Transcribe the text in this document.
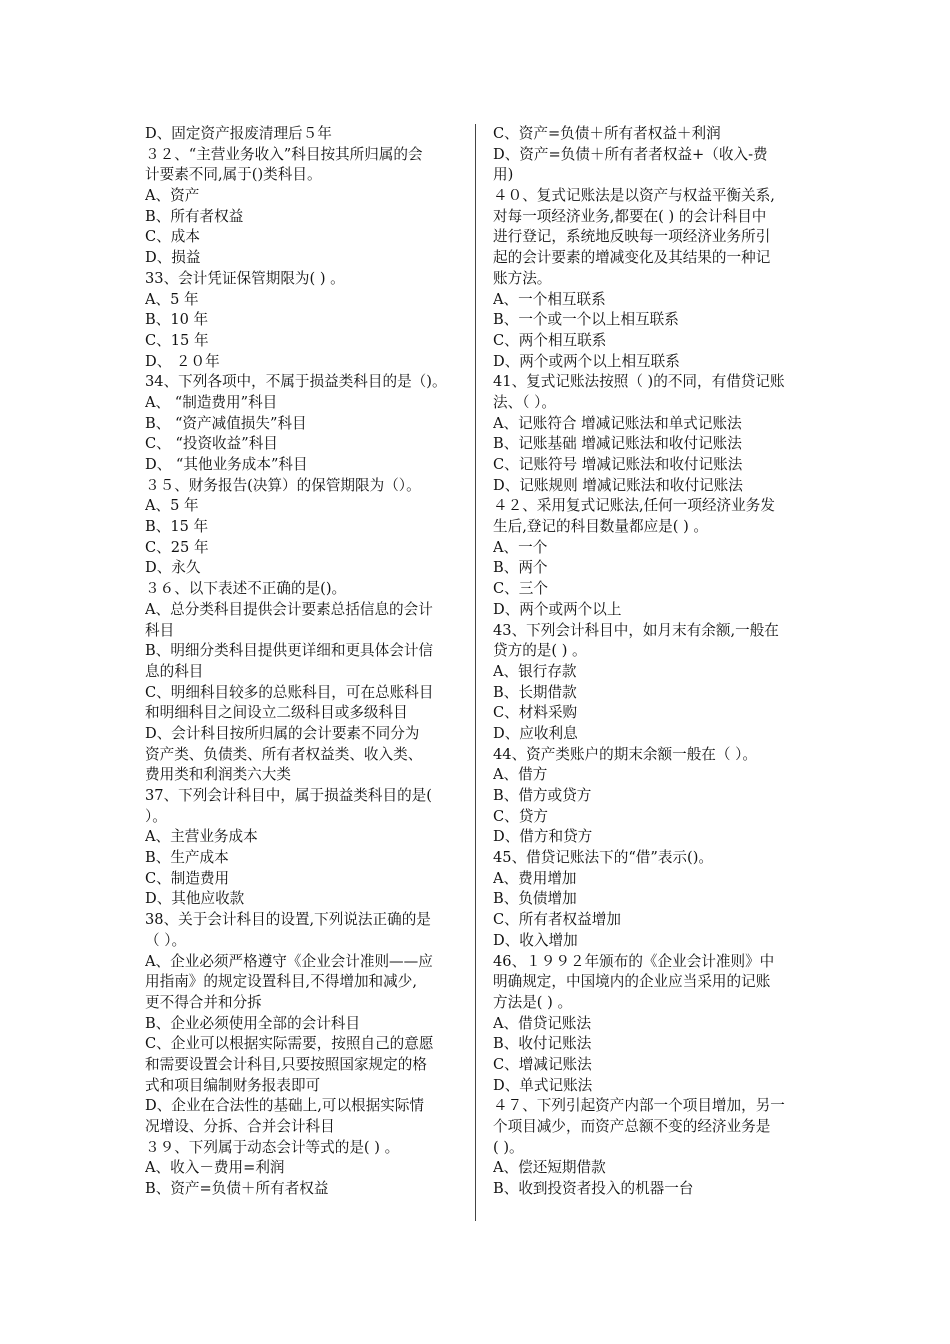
D、固定资产报废清理后５年
３２、“主营业务收入”科目按其所归属的会
计要素不同,属于()类科目。
A、资产
B、所有者权益
C、成本
D、损益
33、会计凭证保管期限为( ) 。
A、5 年
B、10 年
C、15 年
D、 ２０年
34、下列各项中，不属于损益类科目的是（)。
A、 “制造费用”科目
B、 “资产减值损失”科目
C、 “投资收益”科目
D、 “其他业务成本”科目
３５、财务报告(决算）的保管期限为（）。
A、5 年
B、15 年
C、25 年
D、永久
３６、以下表述不正确的是()。
A、总分类科目提供会计要素总括信息的会计
科目
B、明细分类科目提供更详细和更具体会计信
息的科目
C、明细科目较多的总账科目，可在总账科目
和明细科目之间设立二级科目或多级科目
D、会计科目按所归属的会计要素不同分为
资产类、负债类、所有者权益类、收入类、
费用类和利润类六大类
37、下列会计科目中，属于损益类科目的是(
）。
A、主营业务成本
B、生产成本
C、制造费用
D、其他应收款
38、关于会计科目的设置,下列说法正确的是
（ ）。
A、企业必须严格遵守《企业会计准则——应
用指南》的规定设置科目,不得增加和减少,
更不得合并和分拆
B、企业必须使用全部的会计科目
C、企业可以根据实际需要，按照自己的意愿
和需要设置会计科目,只要按照国家规定的格
式和项目编制财务报表即可
D、企业在合法性的基础上,可以根据实际情
况增设、分拆、合并会计科目
３９、下列属于动态会计等式的是( ) 。
A、收入－费用=利润
B、资产=负债＋所有者权益
C、资产=负债＋所有者权益＋利润
D、资产=负债＋所有者者权益+（收入-费
用)
４０、复式记账法是以资产与权益平衡关系,
对每一项经济业务,都要在( ) 的会计科目中
进行登记，系统地反映每一项经济业务所引
起的会计要素的增减变化及其结果的一种记
账方法。
A、一个相互联系
B、一个或一个以上相互联系
C、两个相互联系
D、两个或两个以上相互联系
41、复式记账法按照（ )的不同，有借贷记账
法、（ ）。
A、记账符合 增减记账法和单式记账法
B、记账基础 增减记账法和收付记账法
C、记账符号 增减记账法和收付记账法
D、记账规则 增减记账法和收付记账法
４２、采用复式记账法,任何一项经济业务发
生后,登记的科目数量都应是( ) 。
A、一个
B、两个
C、三个
D、两个或两个以上
43、下列会计科目中，如月末有余额,一般在
贷方的是( ) 。
A、银行存款
B、长期借款
C、材料采购
D、应收利息
44、资产类账户的期末余额一般在（ ）。
A、借方
B、借方或贷方
C、贷方
D、借方和贷方
45、借贷记账法下的“借”表示()。
A、费用增加
B、负债增加
C、所有者权益增加
D、收入增加
46、１９９２年颁布的《企业会计准则》中
明确规定，中国境内的企业应当采用的记账
方法是( ) 。
A、借贷记账法
B、收付记账法
C、增减记账法
D、单式记账法
４７、下列引起资产内部一个项目增加，另一
个项目减少，而资产总额不变的经济业务是
( )。
A、偿还短期借款
B、收到投资者投入的机器一台
